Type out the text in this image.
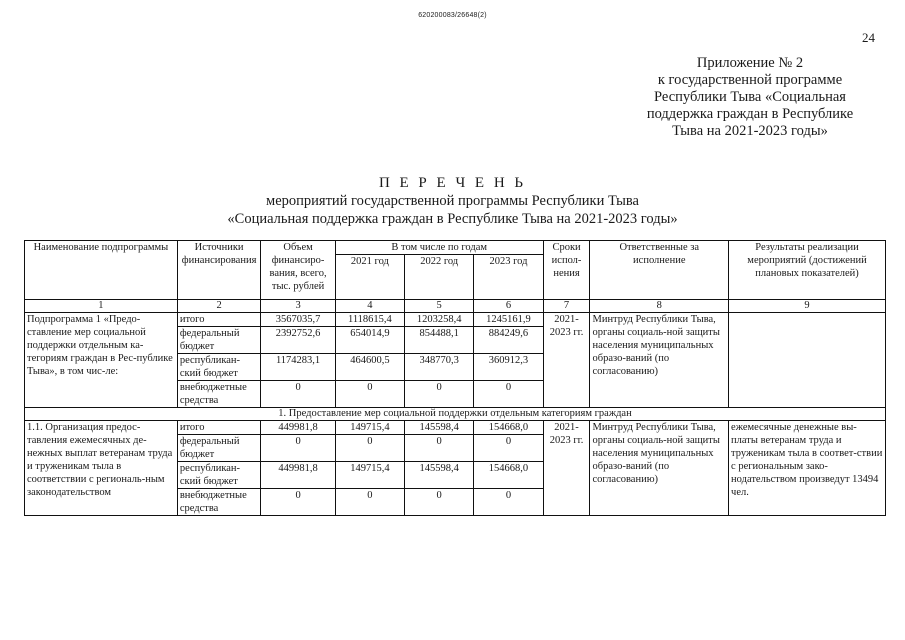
620200083/26648(2)
24
Приложение № 2
к государственной программе
Республики Тыва «Социальная
поддержка граждан в Республике
Тыва на 2021-2023 годы»
П Е Р Е Ч Е Н Ь
мероприятий государственной программы Республики Тыва
«Социальная поддержка граждан в Республике Тыва на 2021-2023 годы»
Наименование подпрограммы	Источники финансирования	Объем финансиро-вания, всего, тыс. рублей	В том числе по годам			Сроки испол-нения	Ответственные за исполнение	Результаты реализации мероприятий (достижений плановых показателей)
			2021 год	2022 год	2023 год			
1	2	3	4	5	6	7	8	9
Подпрограмма 1 «Предо-ставление мер социальной поддержки отдельным ка-тегориям граждан в Рес-публике Тыва», в том чис-ле:	итого	3567035,7	1118615,4	1203258,4	1245161,9	2021-2023 гг.	Минтруд Республики Тыва, органы социаль-ной защиты населения муниципальных образо-ваний (по согласованию)	
	федеральный бюджет	2392752,6	654014,9	854488,1	884249,6			
	республикан-ский бюджет	1174283,1	464600,5	348770,3	360912,3			
	внебюджетные средства	0	0	0	0			
1. Предоставление мер социальной поддержки отдельным категориям граждан								
1.1. Организация предос-тавления ежемесячных де-нежных выплат ветеранам труда и труженикам тыла в соответствии с региональ-ным законодательством	итого	449981,8	149715,4	145598,4	154668,0	2021-2023 гг.	Минтруд Республики Тыва, органы социаль-ной защиты населения муниципальных образо-ваний (по согласованию)	ежемесячные денежные вы-платы ветеранам труда и труженикам тыла в соответ-ствии с региональным зако-нодательством произведут 13494 чел.
	федеральный бюджет	0	0	0	0			
	республикан-ский бюджет	449981,8	149715,4	145598,4	154668,0			
	внебюджетные средства	0	0	0	0			
